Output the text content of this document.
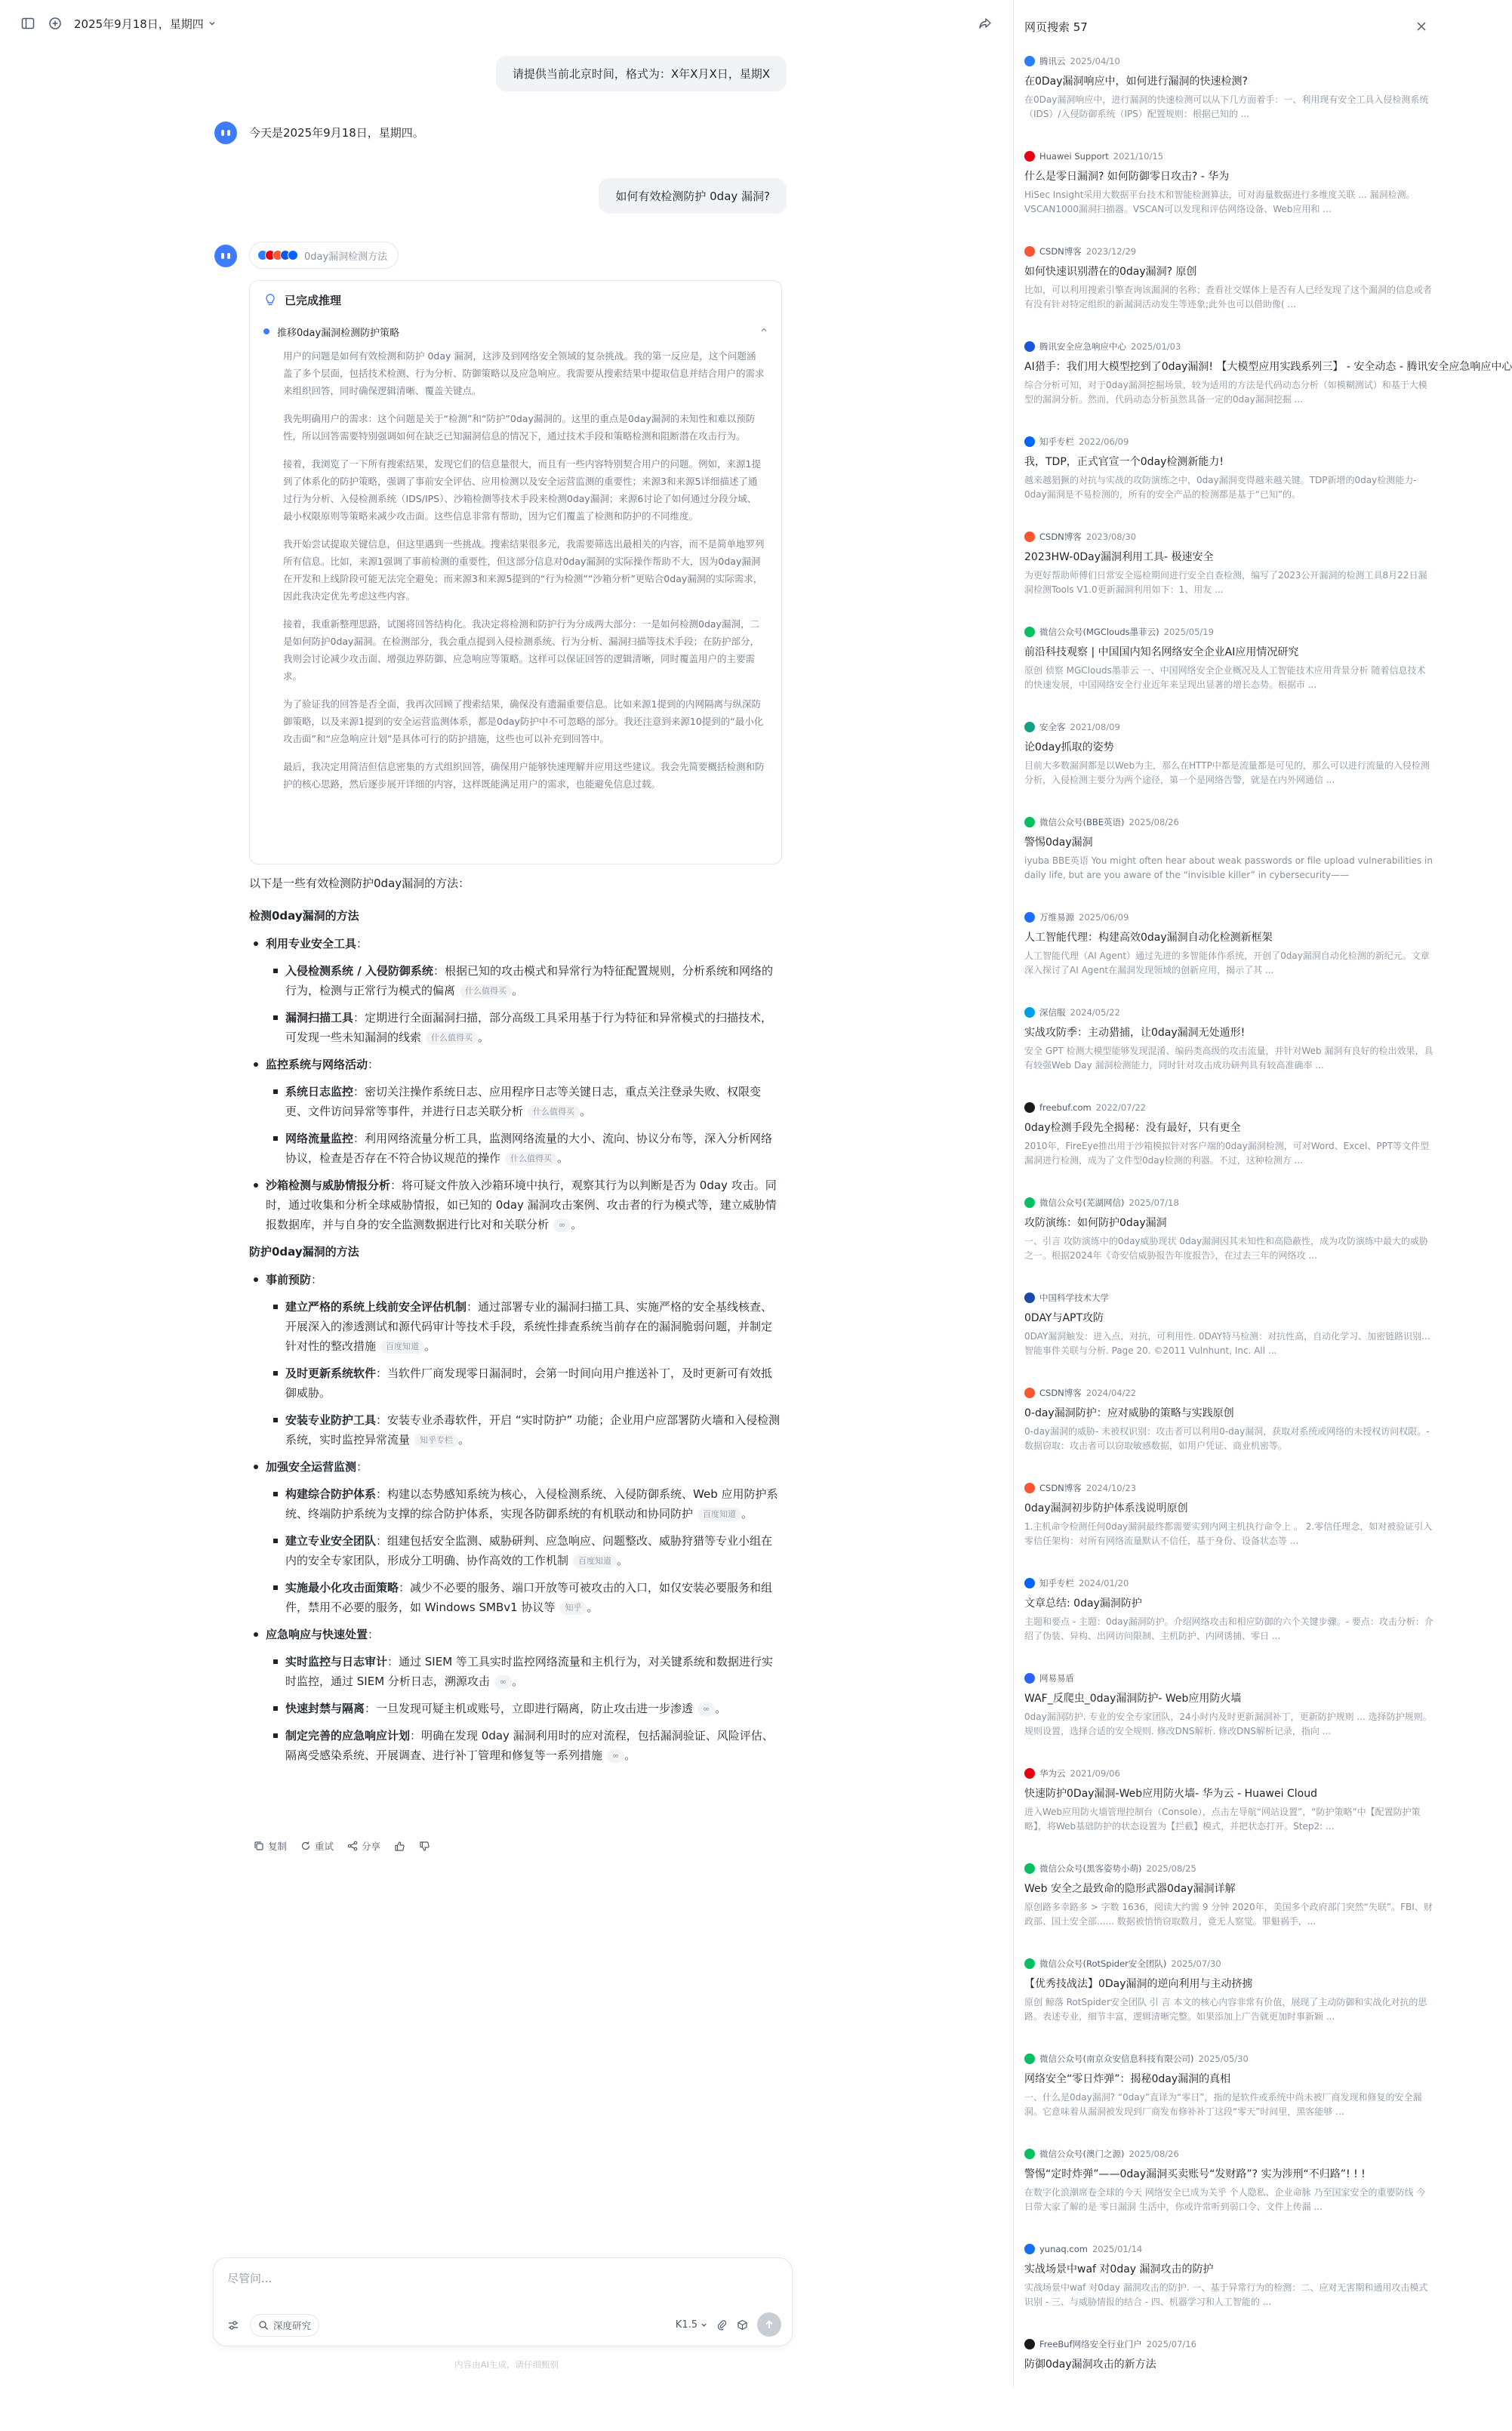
2025年9月18日，星期四
请提供当前北京时间，格式为：X年X月X日，星期X
今天是2025年9月18日，星期四。
如何有效检测防护 0day 漏洞?
0day漏洞检测方法
已完成推理
推移0day漏洞检测防护策略

用户的问题是如何有效检测和防护 0day 漏洞，这涉及到网络安全领域的复杂挑战。我的第一反应是，这个问题涵盖了多个层面，包括技术检测、行为分析、防御策略以及应急响应。我需要从搜索结果中提取信息并结合用户的需求来组织回答，同时确保逻辑清晰、覆盖关键点。

我先明确用户的需求：这个问题是关于“检测”和“防护”0day漏洞的。这里的重点是0day漏洞的未知性和难以预防性，所以回答需要特别强调如何在缺乏已知漏洞信息的情况下，通过技术手段和策略检测和阻断潜在攻击行为。

接着，我浏览了一下所有搜索结果，发现它们的信息量很大，而且有一些内容特别契合用户的问题。例如，来源1提到了体系化的防护策略，强调了事前安全评估、应用检测以及安全运营监测的重要性；来源3和来源5详细描述了通过行为分析、入侵检测系统（IDS/IPS）、沙箱检测等技术手段来检测0day漏洞；来源6讨论了如何通过分段分域、最小权限原则等策略来减少攻击面。这些信息非常有帮助，因为它们覆盖了检测和防护的不同维度。

我开始尝试提取关键信息，但这里遇到一些挑战。搜索结果很多元，我需要筛选出最相关的内容，而不是简单地罗列所有信息。比如，来源1强调了事前检测的重要性，但这部分信息对0day漏洞的实际操作帮助不大，因为0day漏洞在开发和上线阶段可能无法完全避免；而来源3和来源5提到的“行为检测”“沙箱分析”更贴合0day漏洞的实际需求，因此我决定优先考虑这些内容。

接着，我重新整理思路，试图将回答结构化。我决定将检测和防护行为分成两大部分：一是如何检测0day漏洞，二是如何防护0day漏洞。在检测部分，我会重点提到入侵检测系统、行为分析、漏洞扫描等技术手段；在防护部分，我则会讨论减少攻击面、增强边界防御、应急响应等策略。这样可以保证回答的逻辑清晰，同时覆盖用户的主要需求。

为了验证我的回答是否全面，我再次回顾了搜索结果，确保没有遗漏重要信息。比如来源1提到的内网隔离与纵深防御策略，以及来源1提到的安全运营监测体系，都是0day防护中不可忽略的部分。我还注意到来源10提到的“最小化攻击面”和“应急响应计划”是具体可行的防护措施，这些也可以补充到回答中。

最后，我决定用简洁但信息密集的方式组织回答，确保用户能够快速理解并应用这些建议。我会先简要概括检测和防护的核心思路，然后逐步展开详细的内容，这样既能满足用户的需求，也能避免信息过载。

以下是一些有效检测防护0day漏洞的方法：

检测0day漏洞的方法
利用专业安全工具：
入侵检测系统 / 入侵防御系统：根据已知的攻击模式和异常行为特征配置规则，分析系统和网络的行为，检测与正常行为模式的偏离 什么值得买 。
漏洞扫描工具：定期进行全面漏洞扫描，部分高级工具采用基于行为特征和异常模式的扫描技术，可发现一些未知漏洞的线索 什么值得买 。
监控系统与网络活动：
系统日志监控：密切关注操作系统日志、应用程序日志等关键日志，重点关注登录失败、权限变更、文件访问异常等事件，并进行日志关联分析 什么值得买 。
网络流量监控：利用网络流量分析工具，监测网络流量的大小、流向、协议分布等，深入分析网络协议，检查是否存在不符合协议规范的操作 什么值得买 。
沙箱检测与威胁情报分析：将可疑文件放入沙箱环境中执行，观察其行为以判断是否为 0day 攻击。同时，通过收集和分析全球威胁情报，如已知的 0day 漏洞攻击案例、攻击者的行为模式等，建立威胁情报数据库，并与自身的安全监测数据进行比对和关联分析 ∞ 。
防护0day漏洞的方法
事前预防：
建立严格的系统上线前安全评估机制：通过部署专业的漏洞扫描工具、实施严格的安全基线核查、开展深入的渗透测试和源代码审计等技术手段，系统性排查系统当前存在的漏洞脆弱问题，并制定针对性的整改措施 百度知道 。
及时更新系统软件：当软件厂商发现零日漏洞时，会第一时间向用户推送补丁，及时更新可有效抵御威胁。
安装专业防护工具：安装专业杀毒软件，开启 “实时防护” 功能；企业用户应部署防火墙和入侵检测系统，实时监控异常流量 知乎专栏 。
加强安全运营监测：
构建综合防护体系：构建以态势感知系统为核心，入侵检测系统、入侵防御系统、Web 应用防护系统、终端防护系统为支撑的综合防护体系，实现各防御系统的有机联动和协同防护 百度知道 。
建立专业安全团队：组建包括安全监测、威胁研判、应急响应、问题整改、威胁狩猎等专业小组在内的安全专家团队，形成分工明确、协作高效的工作机制 百度知道 。
实施最小化攻击面策略：减少不必要的服务、端口开放等可被攻击的入口，如仅安装必要服务和组件，禁用不必要的服务，如 Windows SMBv1 协议等 知乎 。
应急响应与快速处置：
实时监控与日志审计：通过 SIEM 等工具实时监控网络流量和主机行为，对关键系统和数据进行实时监控，通过 SIEM 分析日志，溯源攻击 ∞ 。
快速封禁与隔离：一旦发现可疑主机或账号，立即进行隔离，防止攻击进一步渗透 ∞ 。
制定完善的应急响应计划：明确在发现 0day 漏洞利用时的应对流程，包括漏洞验证、风险评估、隔离受感染系统、开展调查、进行补丁管理和修复等一系列措施 ∞ 。
复制	重试	分享
尽管问...
深度研究	K1.5
内容由AI生成，请仔细甄别
网页搜索 57
腾讯云 2025/04/10
在0Day漏洞响应中，如何进行漏洞的快速检测?
在0Day漏洞响应中，进行漏洞的快速检测可以从下几方面着手：一、利用现有安全工具入侵检测系统（IDS）/入侵防御系统（IPS）配置规则：根据已知的 ...
Huawei Support 2021/10/15
什么是零日漏洞? 如何防御零日攻击? - 华为
HiSec Insight采用大数据平台技术和智能检测算法，可对海量数据进行多维度关联 ... 漏洞检测。 VSCAN1000漏洞扫描器。VSCAN可以发现和评估网络设备、Web应用和 ...
CSDN博客 2023/12/29
如何快速识别潜在的0day漏洞? 原创
比如，可以利用搜索引擎查询该漏洞的名称；查看社交媒体上是否有人已经发现了这个漏洞的信息或者有没有针对特定组织的新漏洞活动发生等迹象;此外也可以借助像( ...
腾讯安全应急响应中心 2025/01/03
AI猎手：我们用大模型挖到了0day漏洞! 【大模型应用实践系列三】 - 安全动态 - 腾讯安全应急响应中心
综合分析可知，对于0day漏洞挖掘场景，较为适用的方法是代码动态分析（如模糊测试）和基于大模型的漏洞分析。然而，代码动态分析虽然具备一定的0day漏洞挖掘 ...
知乎专栏 2022/06/09
我，TDP，正式官宣一个0day检测新能力!
越来越猖獗的对抗与实战的攻防演练之中，0day漏洞变得越来越关键。TDP新增的0day检测能力- 0day漏洞是不易检测的，所有的安全产品的检测都是基于“已知”的。
CSDN博客 2023/08/30
2023HW-0Day漏洞利用工具- 极速安全
为更好帮助师傅们日常安全巡检期间进行安全自查检测，编写了2023公开漏洞的检测工具8月22日漏洞检测Tools V1.0更新漏洞利用如下：1、用友 ...
微信公众号(MGClouds墨菲云) 2025/05/19
前沿科技观察 | 中国国内知名网络安全企业AI应用情况研究
原创 侦察 MGClouds墨菲云 一、中国网络安全企业概况及人工智能技术应用背景分析 随着信息技术的快速发展，中国网络安全行业近年来呈现出显著的增长态势。根据市 ...
安全客 2021/08/09
论0day抓取的姿势
目前大多数漏洞都是以Web为主，那么在HTTP中都是流量都是可见的，那么可以进行流量的入侵检测分析，入侵检测主要分为两个途径，第一个是网络告警，就是在内外网通信 ...
微信公众号(BBE英语) 2025/08/26
警惕0day漏洞
iyuba BBE英语 You might often hear about weak passwords or file upload vulnerabilities in daily life, but are you aware of the “invisible killer” in cybersecurity——
万维易源 2025/06/09
人工智能代理：构建高效0day漏洞自动化检测新框架
人工智能代理（AI Agent）通过先进的多智能体作系统，开创了0day漏洞自动化检测的新纪元。文章深入探讨了AI Agent在漏洞发现领域的创新应用，揭示了其 ...
深信服 2024/05/22
实战攻防季：主动猎捕，让0day漏洞无处遁形!
安全 GPT 检测大模型能够发现混淆、编码类高级的攻击流量，并针对Web 漏洞有良好的检出效果，具有较强Web Day 漏洞检测能力，同时针对攻击成功研判具有较高准确率 ...
freebuf.com 2022/07/22
0day检测手段先全揭秘：没有最好，只有更全
2010年，FireEye推出用于沙箱模拟针对客户端的0day漏洞检测，可对Word、Excel、PPT等文件型漏洞进行检测，成为了文件型0day检测的利器。不过，这种检测方 ...
微信公众号(芜湖网信) 2025/07/18
攻防演练：如何防护0day漏洞
一、引言 攻防演练中的0day威胁现状 0day漏洞因其未知性和高隐蔽性，成为攻防演练中最大的威胁之一。根据2024年《奇安信威胁报告年度报告》，在过去三年的网络攻 ...
中国科学技术大学
0DAY与APT攻防
0DAY漏洞触发：进入点，对抗，可利用性. 0DAY特马检测：对抗性高，自动化学习、加密链路识别...智能事件关联与分析. Page 20. ©2011 Vulnhunt, Inc. All ...
CSDN博客 2024/04/22
0-day漏洞防护：应对威胁的策略与实践原创
0-day漏洞的威胁- 未被权识别：攻击者可以利用0-day漏洞，获取对系统或网络的未授权访问权限。- 数据窃取：攻击者可以窃取敏感数据，如用户凭证、商业机密等。
CSDN博客 2024/10/23
0day漏洞初步防护体系浅说明原创
1.主机命令检测任何0day漏洞最终都需要实到内网主机执行命令上 。 2.零信任理念，如对被验证引入零信任架构：对所有网络流量默认不信任，基于身份、设备状态等 ...
知乎专栏 2024/01/20
文章总结: 0day漏洞防护
主题和要点 - 主题：0day漏洞防护。介绍网络攻击和相应防御的六个关键步骤。- 要点：攻击分析：介绍了伪装、异构、出网访问限制、主机防护、内网诱捕、零日 ...
网易易盾
WAF_反爬虫_0day漏洞防护- Web应用防火墙
0day漏洞防护. 专业的安全专家团队，24小时内及时更新漏洞补丁，更新防护规则 ... 选择防护规则。规则设置，选择合适的安全规则. 修改DNS解析. 修改DNS解析记录，指向 ...
华为云 2021/09/06
快速防护0Day漏洞-Web应用防火墙- 华为云 - Huawei Cloud
进入Web应用防火墙管理控制台（Console），点击左导航“网站设置”，“防护策略”中【配置防护策略】，将Web基础防护的状态设置为【拦截】模式，并把状态打开。Step2: ...
微信公众号(黑客姿势小萌) 2025/08/25
Web 安全之最致命的隐形武器0day漏洞详解
原创路多幸路多 > 字数 1636，阅读大约需 9 分钟 2020年，美国多个政府部门突然“失联”。FBI、财政部、国土安全部...... 数据被悄悄窃取数月，竟无人察觉。罪魁祸手，...
微信公众号(RotSpider安全团队) 2025/07/30
【优秀技战法】0Day漏洞的逆向利用与主动挤掳
原创 鲸落 RotSpider安全团队 引 言 本文的核心内容非常有价值，展现了主动防御和实战化对抗的思路。表述专业，细节丰富，逻辑清晰完整。如果添加上广告就更加时事新颖 ...
微信公众号(南京众安信息科技有限公司) 2025/05/30
网络安全“零日炸弹”：揭秘0day漏洞的真相
一、什么是0day漏洞? “0day”直译为“零日”，指的是软件或系统中尚未被厂商发现和修复的安全漏洞。它意味着从漏洞被发现到厂商发布修补补丁这段“零天”时间里，黑客能够 ...
微信公众号(澳门之源) 2025/08/26
警惕“定时炸弹”——0day漏洞买卖账号“发财路”? 实为涉刑“不归路”! ! !
在数字化浪潮席卷全球的今天 网络安全已成为关乎 个人隐私、企业命脉 乃至国家安全的重要防线 今日带大家了解的是 零日漏洞 生活中，你或许常听到弱口令、文件上传漏 ...
yunaq.com 2025/01/14
实战场景中waf 对0day 漏洞攻击的防护
实战场景中waf 对0day 漏洞攻击的防护. 一、基于异常行为的检测：二、应对无害期和通用攻击模式识别 - 三、与威胁情报的结合 - 四、机器学习和人工智能的 ...
FreeBuf网络安全行业门户 2025/07/16
防御0day漏洞攻击的新方法
